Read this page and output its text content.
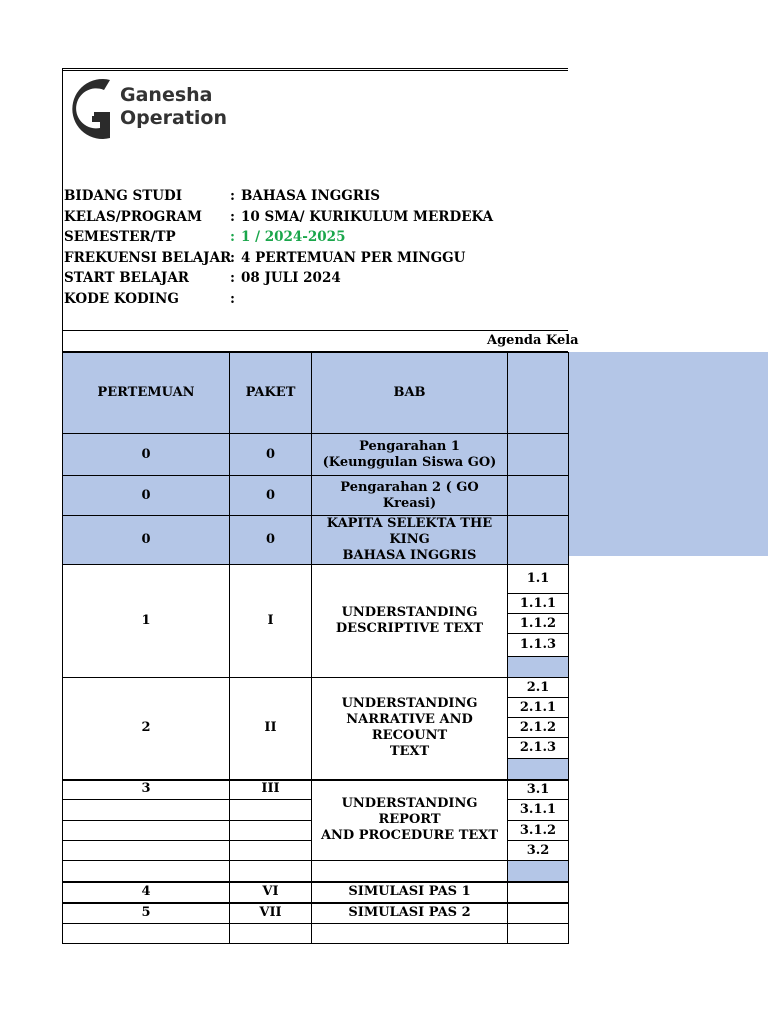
Ganesha
Operation
BIDANG STUDI	: BAHASA INGGRIS
KELAS/PROGRAM : 10 SMA/ KURIKULUM MERDEKA
SEMESTER/TP	: 1 / 2024-2025
FREKUENSI BELAJAR
: 4 PERTEMUAN PER MINGGU
START BELAJAR	: 08 JULI 2024
KODE KODING	:
Agenda Kela
PERTEMUAN	PAKET	BAB	
0	0	Pengarahan 1
(Keunggulan Siswa GO)	

0	0	Pengarahan 2 ( GO Kreasi)	
0	0	KAPITA SELEKTA THE KING
BAHASA INGGRIS	

1	I	UNDERSTANDING
DESCRIPTIVE TEXT	1.1
			1.1.1
			1.1.2
			1.1.3

2	II	UNDERSTANDING
NARRATIVE AND RECOUNT
TEXT	2.1
			2.1.1
			2.1.2
			2.1.3

3	III	UNDERSTANDING REPORT
AND PROCEDURE TEXT	3.1
			3.1.1
			3.1.2
			3.2

4	VI	SIMULASI PAS 1	
5	VII	SIMULASI PAS 2	
